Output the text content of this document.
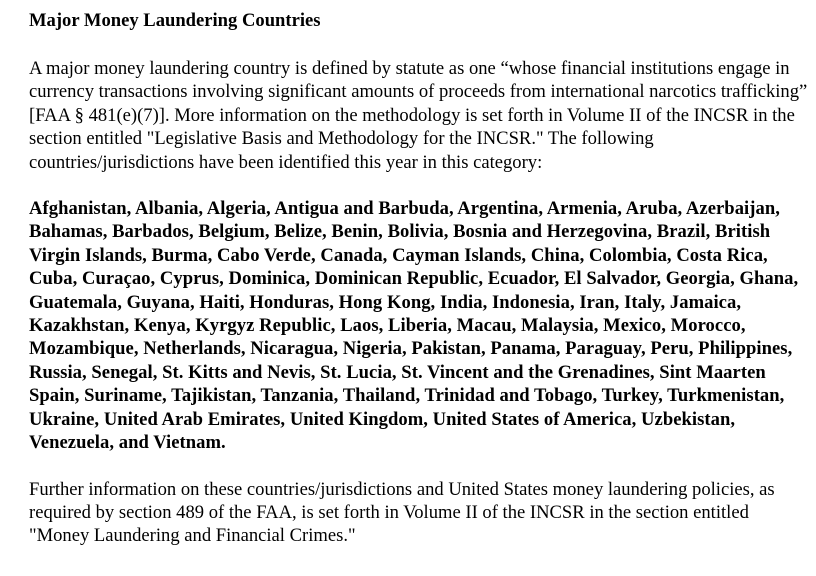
Major Money Laundering Countries

A major money laundering country is defined by statute as one “whose financial institutions engage in currency transactions involving significant amounts of proceeds from international narcotics trafficking” [FAA § 481(e)(7)]. More information on the methodology is set forth in Volume II of the INCSR in the section entitled "Legislative Basis and Methodology for the INCSR." The following countries/jurisdictions have been identified this year in this category:

Afghanistan, Albania, Algeria, Antigua and Barbuda, Argentina, Armenia, Aruba, Azerbaijan, Bahamas, Barbados, Belgium, Belize, Benin, Bolivia, Bosnia and Herzegovina, Brazil, British Virgin Islands, Burma, Cabo Verde, Canada, Cayman Islands, China, Colombia, Costa Rica, Cuba, Curaçao, Cyprus, Dominica, Dominican Republic, Ecuador, El Salvador, Georgia, Ghana, Guatemala, Guyana, Haiti, Honduras, Hong Kong, India, Indonesia, Iran, Italy, Jamaica, Kazakhstan, Kenya, Kyrgyz Republic, Laos, Liberia, Macau, Malaysia, Mexico, Morocco, Mozambique, Netherlands, Nicaragua, Nigeria, Pakistan, Panama, Paraguay, Peru, Philippines, Russia, Senegal, St. Kitts and Nevis, St. Lucia, St. Vincent and the Grenadines, Sint Maarten Spain, Suriname, Tajikistan, Tanzania, Thailand, Trinidad and Tobago, Turkey, Turkmenistan, Ukraine, United Arab Emirates, United Kingdom, United States of America, Uzbekistan, Venezuela, and Vietnam.

Further information on these countries/jurisdictions and United States money laundering policies, as required by section 489 of the FAA, is set forth in Volume II of the INCSR in the section entitled "Money Laundering and Financial Crimes."
